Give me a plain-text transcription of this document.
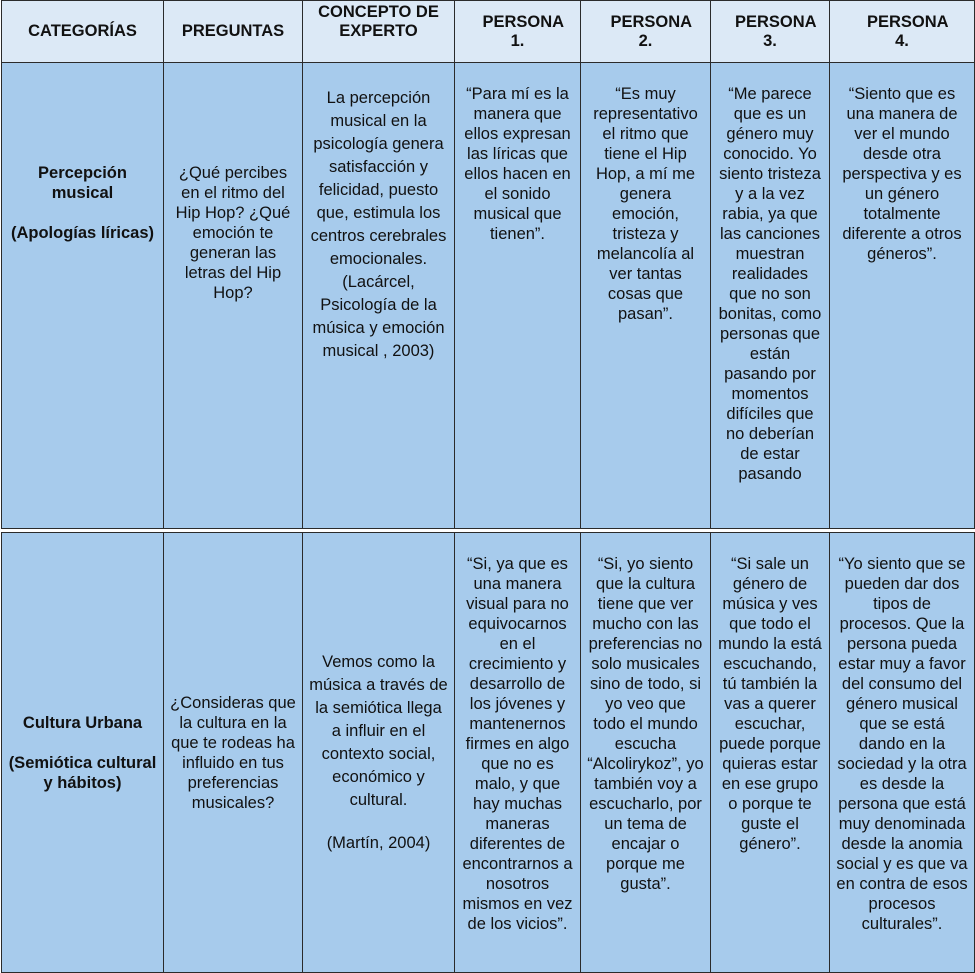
CATEGORÍAS	PREGUNTAS
CONCEPTO DE EXPERTO
PERSONA 1.
PERSONA 2.
PERSONA 3.
PERSONA 4.
Percepción musical
(Apologías líricas)
¿Qué percibes en el ritmo del Hip Hop? ¿Qué emoción te generan las letras del Hip Hop?
La percepción musical en la psicología genera satisfacción y felicidad, puesto que, estimula los centros cerebrales emocionales.
(Lacárcel, Psicología de la música y emoción musical , 2003)
“Para mí es la manera que ellos expresan las líricas que ellos hacen en el sonido musical que tienen”.
“Es muy representativo el ritmo que tiene el Hip Hop, a mí me genera emoción, tristeza y melancolía al ver tantas cosas que pasan”.
“Me parece que es un género muy conocido. Yo siento tristeza y a la vez rabia, ya que las canciones muestran realidades que no son bonitas, como personas que están pasando por momentos difíciles que no deberían de estar pasando
“Siento que es una manera de ver el mundo desde otra perspectiva y es un género totalmente diferente a otros géneros”.
Cultura Urbana
(Semiótica cultural y hábitos)
¿Consideras que la cultura en la que te rodeas ha influido en tus preferencias musicales?
Vemos como la música a través de la semiótica llega a influir en el contexto social, económico y cultural.
(Martín, 2004)
“Si, ya que es una manera visual para no equivocarnos en el crecimiento y desarrollo de los jóvenes y mantenernos firmes en algo que no es malo, y que hay muchas maneras diferentes de encontrarnos a nosotros mismos en vez de los vicios”.
“Si, yo siento que la cultura tiene que ver mucho con las preferencias no solo musicales sino de todo, si yo veo que todo el mundo escucha “Alcolirykoz”, yo también voy a escucharlo, por un tema de encajar o porque me gusta”.
“Si sale un género de música y ves que todo el mundo la está escuchando, tú también la vas a querer escuchar, puede porque quieras estar en ese grupo o porque te guste el género”.
“Yo siento que se pueden dar dos tipos de procesos. Que la persona pueda estar muy a favor del consumo del género musical que se está dando en la sociedad y la otra es desde la persona que está muy denominada desde la anomia social y es que va en contra de esos procesos culturales”.
